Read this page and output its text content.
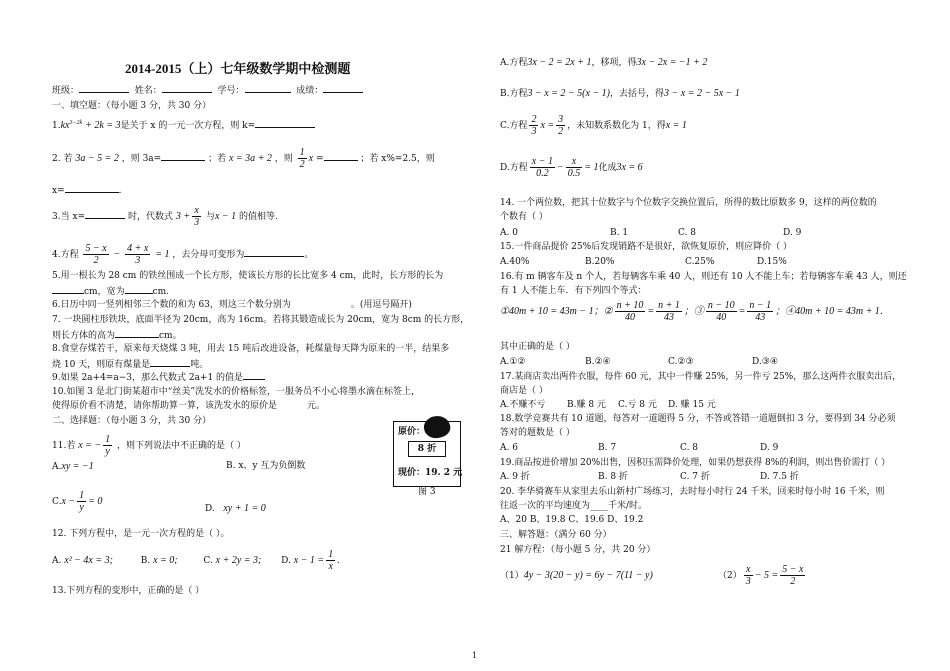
2014-2015（上）七年级数学期中检测题
班级：	姓名：	学号：	成绩：
一、填空题：（每小题 3 分，共 30 分）
$1.kx^{3-2k} + 2k = 3$是关于 x 的一元一次方程，则 k=
2. 若 3a − 5 = 2 ，则 3a=	；若 x = 3a + 2 ，则 $\frac{1}{2}$ x =	；若 x%=2.5，则
x=	.
3.当 x=	时，代数式 $3 + \frac{x}{3}$ 与x − 1 的值相等.
4.方程 $\frac{5 - x}{2} - \frac{4 + x}{3} = 1$ ，去分母可变形为	。
5.用一根长为 28 cm 的铁丝围成一个长方形，使该长方形的长比宽多 4 cm，此时，长方形的长为
cm，宽为	cm.
6.日历中同一竖列相邻三个数的和为 63，则这三个数分别为	。(用逗号隔开)
7. 一块圆柱形铁块，底面半径为 20cm，高为 16cm。若将其锻造成长为 20cm，宽为 8cm 的长方形，
则长方体的高为	cm。
8.食堂存煤若干，原来每天烧煤 3 吨，用去 15 吨后改进设备，耗煤量每天降为原来的一半，结果多
烧 10 天，则原有煤量是	吨。
9.如果 2a+4=a−3，那么代数式 2a+1 的值是
10.如图 3 是北门街某超市中“丝美”洗发水的价格标签，一服务员不小心将墨水滴在标签上，
使得原价看不清楚，请你帮助算一算，该洗发水的原价是	元。
二、选择题：（每小题 3 分，共 30 分）
原价：
8 折
现价：19. 2 元
图 3
11.若 x = − $\frac{1}{y}$ ，则下列说法中不正确的是（ ）
A.xy = −1	B. x、y 互为负倒数
$C.x - \frac{1}{y} = 0$
D. xy + 1 = 0
12. 下列方程中，是一元一次方程的是（ ）。
A. x² − 4x = 3;	B. x = 0;	C. x + 2y = 3; D. $x - 1 = \frac{1}{x}$ .
13.下列方程的变形中，正确的是（ ）
A.方程3x − 2 = 2x + 1，移项，得3x − 2x = −1 + 2
B.方程3 − x = 2 − 5(x − 1)，去括号，得3 − x = 2 − 5x − 1
C.方程 $\frac{2}{3}$ $x = \frac{3}{2}$ ，未知数系数化为 1，得x = 1
D.方程 $\frac{x - 1}{0.2} - \frac{x}{0.5} = 1$化成3x = 6
14. 一个两位数，把其十位数字与个位数字交换位置后，所得的数比原数多 9，这样的两位数的
个数有（ ）
A. 0	B. 1	C. 8	D. 9
15.一件商品提价 25%后发现销路不是很好，欲恢复原价，则应降价（ ）
A.40%	B.20%	C.25%	D.15%
16.有 m 辆客车及 n 个人，若每辆客车乘 40 人，则还有 10 人不能上车；若每辆客车乘 43 人，则还
有 1 人不能上车．有下列四个等式：
①40m + 10 = 43m − 1；② $\frac{n + 10}{40} = \frac{n + 1}{43}$ ；③ $\frac{n - 10}{40} = \frac{n - 1}{43}$ ；④40m + 10 = 43m + 1．
其中正确的是（ ）
A.①②	B.②④	C.②③	D.③④
17.某商店卖出两件衣服，每件 60 元，其中一件赚 25%，另一件亏 25%，那么这两件衣服卖出后，
商店是（ ）
A.不赚不亏 B.赚 8 元 C.亏 8 元 D. 赚 15 元
18.数学竞赛共有 10 道题，每答对一道题得 5 分，不答或答错一道题倒扣 3 分，要得到 34 分必须
答对的题数是（ ）
A. 6	B. 7	C. 8	D. 9
19.商品按进价增加 20%出售，因积压需降价处理，如果仍想获得 8%的利润，则出售价需打（ ）
A. 9 折	B. 8 折	C. 7 折	D. 7.5 折
20. 李华骑赛车从家里去乐山新村广场练习，去时每小时行 24 千米，回来时每小时 16 千米，则
往返一次的平均速度为____千米/时。
A、20 B、19.8 C、19.6 D、19.2
三、解答题：（满分 60 分）
21 解方程：（每小题 5 分，共 20 分）
（1）4y − 3(20 − y) = 6y − 7(11 − y)	$(2) \frac{x}{3} - 5 = \frac{5 - x}{2}$
1
